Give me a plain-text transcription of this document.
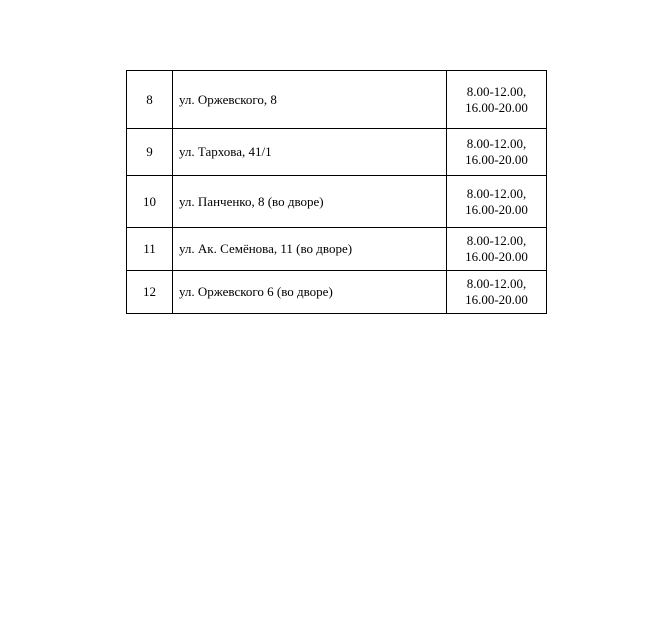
8	ул. Оржевского, 8	8.00-12.00,
16.00-20.00

9	ул. Тархова, 41/1	8.00-12.00,
16.00-20.00

10	ул. Панченко, 8 (во дворе)	8.00-12.00,
16.00-20.00

11	ул. Ак. Семёнова, 11 (во дворе)	8.00-12.00,
16.00-20.00

12	ул. Оржевского 6 (во дворе)	8.00-12.00,
16.00-20.00
